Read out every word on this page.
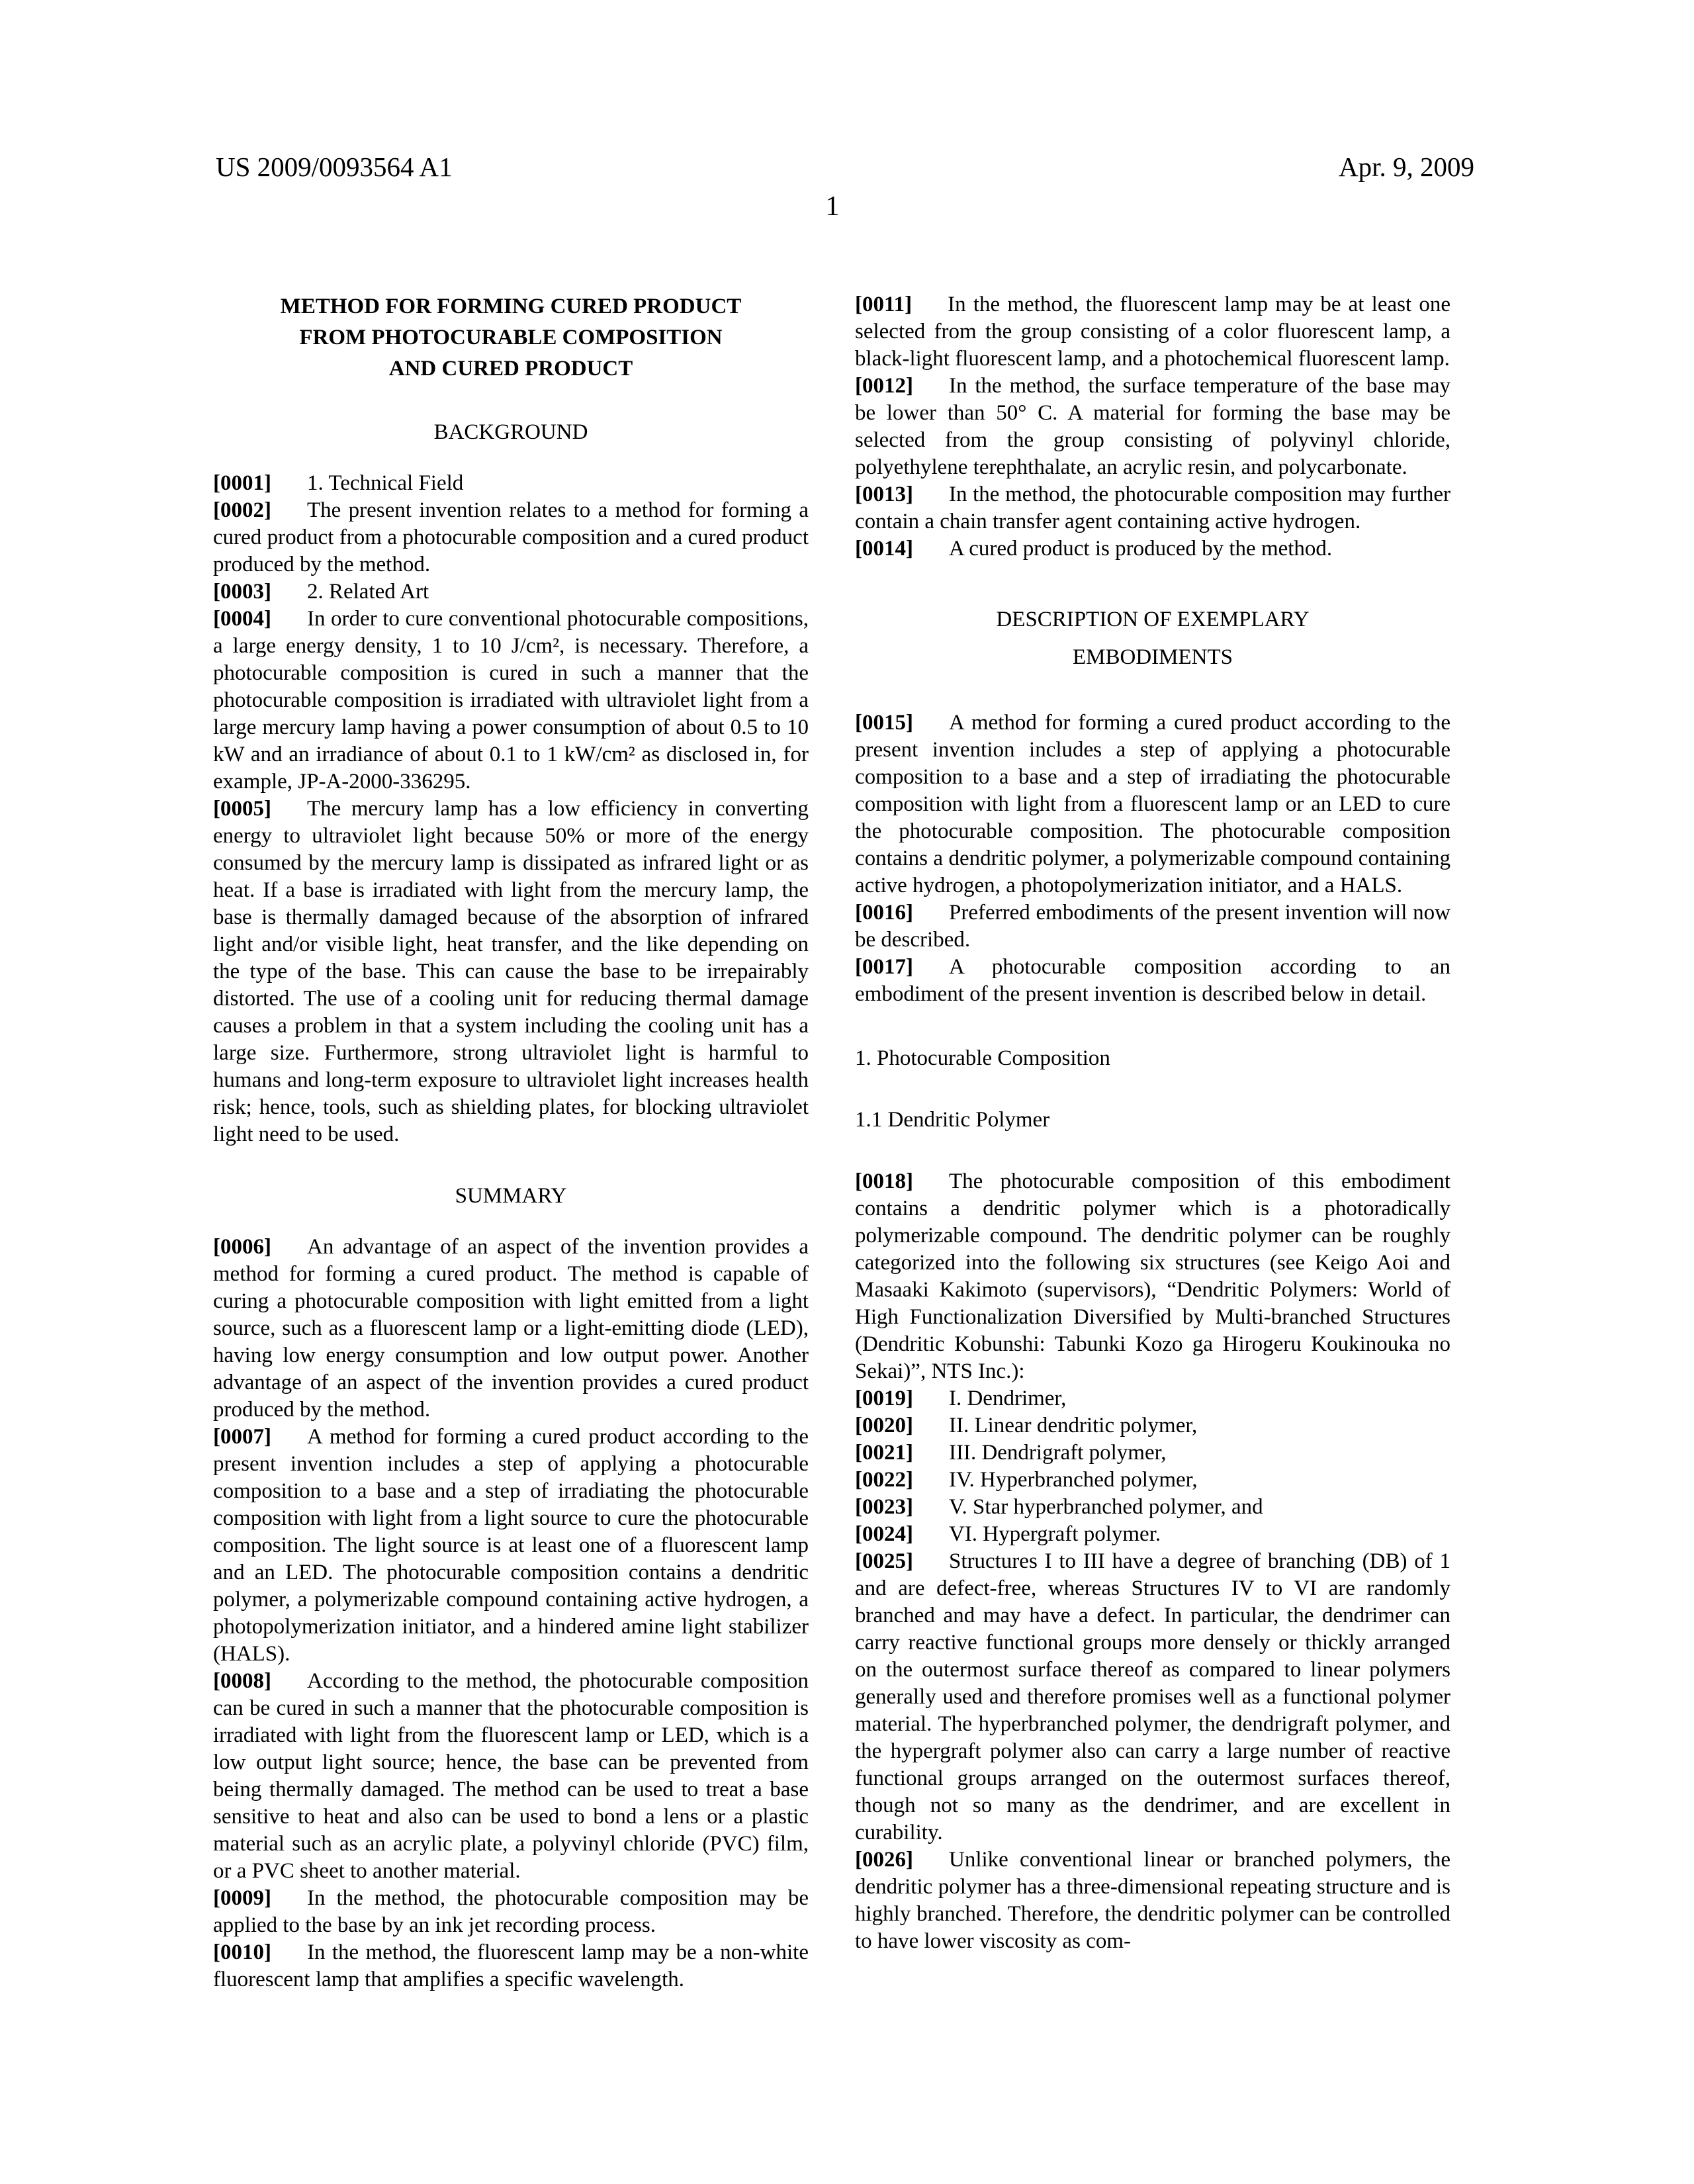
US 2009/0093564 A1	Apr. 9, 2009
1
METHOD FOR FORMING CURED PRODUCT
FROM PHOTOCURABLE COMPOSITION
AND CURED PRODUCT
BACKGROUND

[0001] 1. Technical Field

[0002] The present invention relates to a method for forming a cured product from a photocurable composition and a cured product produced by the method.

[0003] 2. Related Art

[0004] In order to cure conventional photocurable compositions, a large energy density, 1 to 10 J/cm², is necessary. Therefore, a photocurable composition is cured in such a manner that the photocurable composition is irradiated with ultraviolet light from a large mercury lamp having a power consumption of about 0.5 to 10 kW and an irradiance of about 0.1 to 1 kW/cm² as disclosed in, for example, JP-A-2000-336295.

[0005] The mercury lamp has a low efficiency in converting energy to ultraviolet light because 50% or more of the energy consumed by the mercury lamp is dissipated as infrared light or as heat. If a base is irradiated with light from the mercury lamp, the base is thermally damaged because of the absorption of infrared light and/or visible light, heat transfer, and the like depending on the type of the base. This can cause the base to be irrepairably distorted. The use of a cooling unit for reducing thermal damage causes a problem in that a system including the cooling unit has a large size. Furthermore, strong ultraviolet light is harmful to humans and long-term exposure to ultraviolet light increases health risk; hence, tools, such as shielding plates, for blocking ultraviolet light need to be used.

SUMMARY

[0006] An advantage of an aspect of the invention provides a method for forming a cured product. The method is capable of curing a photocurable composition with light emitted from a light source, such as a fluorescent lamp or a light-emitting diode (LED), having low energy consumption and low output power. Another advantage of an aspect of the invention provides a cured product produced by the method.

[0007] A method for forming a cured product according to the present invention includes a step of applying a photocurable composition to a base and a step of irradiating the photocurable composition with light from a light source to cure the photocurable composition. The light source is at least one of a fluorescent lamp and an LED. The photocurable composition contains a dendritic polymer, a polymerizable compound containing active hydrogen, a photopolymerization initiator, and a hindered amine light stabilizer (HALS).

[0008] According to the method, the photocurable composition can be cured in such a manner that the photocurable composition is irradiated with light from the fluorescent lamp or LED, which is a low output light source; hence, the base can be prevented from being thermally damaged. The method can be used to treat a base sensitive to heat and also can be used to bond a lens or a plastic material such as an acrylic plate, a polyvinyl chloride (PVC) film, or a PVC sheet to another material.

[0009] In the method, the photocurable composition may be applied to the base by an ink jet recording process.

[0010] In the method, the fluorescent lamp may be a non-white fluorescent lamp that amplifies a specific wavelength.

[0011] In the method, the fluorescent lamp may be at least one selected from the group consisting of a color fluorescent lamp, a black-light fluorescent lamp, and a photochemical fluorescent lamp.

[0012] In the method, the surface temperature of the base may be lower than 50° C. A material for forming the base may be selected from the group consisting of polyvinyl chloride, polyethylene terephthalate, an acrylic resin, and polycarbonate.

[0013] In the method, the photocurable composition may further contain a chain transfer agent containing active hydrogen.

[0014] A cured product is produced by the method.

DESCRIPTION OF EXEMPLARY
EMBODIMENTS

[0015] A method for forming a cured product according to the present invention includes a step of applying a photocurable composition to a base and a step of irradiating the photocurable composition with light from a fluorescent lamp or an LED to cure the photocurable composition. The photocurable composition contains a dendritic polymer, a polymerizable compound containing active hydrogen, a photopolymerization initiator, and a HALS.

[0016] Preferred embodiments of the present invention will now be described.

[0017] A photocurable composition according to an embodiment of the present invention is described below in detail.

1. Photocurable Composition
1.1 Dendritic Polymer

[0018] The photocurable composition of this embodiment contains a dendritic polymer which is a photoradically polymerizable compound. The dendritic polymer can be roughly categorized into the following six structures (see Keigo Aoi and Masaaki Kakimoto (supervisors), “Dendritic Polymers: World of High Functionalization Diversified by Multi-branched Structures (Dendritic Kobunshi: Tabunki Kozo ga Hirogeru Koukinouka no Sekai)”, NTS Inc.):

[0019] I. Dendrimer,

[0020] II. Linear dendritic polymer,

[0021] III. Dendrigraft polymer,

[0022] IV. Hyperbranched polymer,

[0023] V. Star hyperbranched polymer, and

[0024] VI. Hypergraft polymer.

[0025] Structures I to III have a degree of branching (DB) of 1 and are defect-free, whereas Structures IV to VI are randomly branched and may have a defect. In particular, the dendrimer can carry reactive functional groups more densely or thickly arranged on the outermost surface thereof as compared to linear polymers generally used and therefore promises well as a functional polymer material. The hyperbranched polymer, the dendrigraft polymer, and the hypergraft polymer also can carry a large number of reactive functional groups arranged on the outermost surfaces thereof, though not so many as the dendrimer, and are excellent in curability.

[0026] Unlike conventional linear or branched polymers, the dendritic polymer has a three-dimensional repeating structure and is highly branched. Therefore, the dendritic polymer can be controlled to have lower viscosity as com-
